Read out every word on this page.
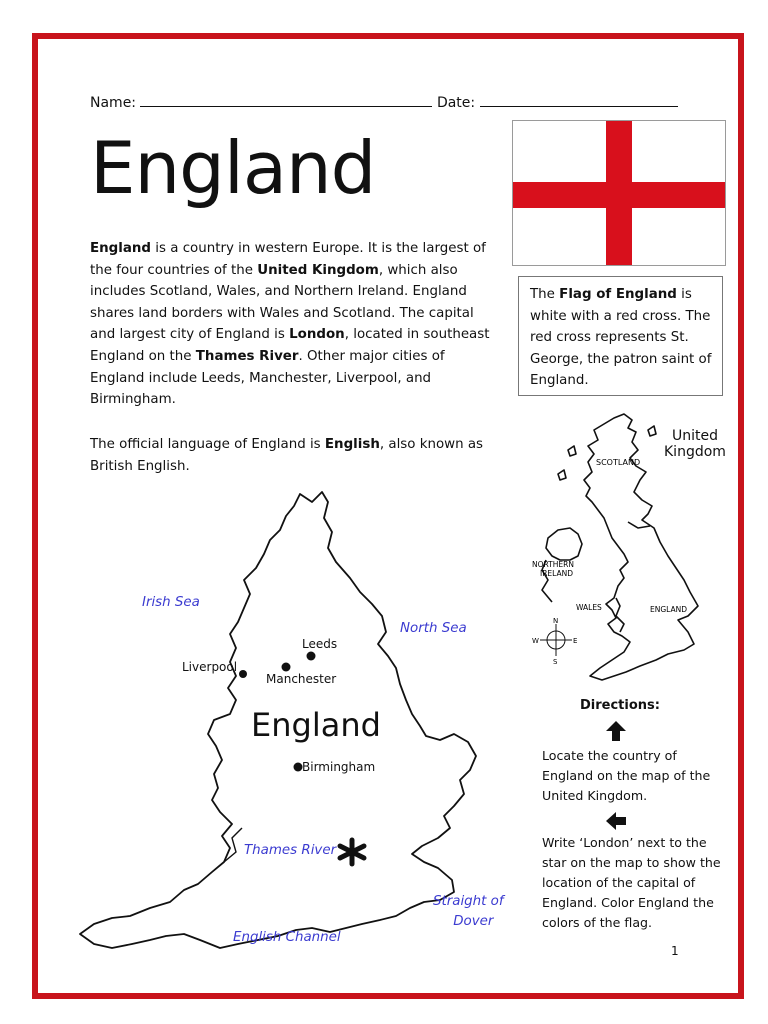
Name:	Date:
England
England is a country in western Europe. It is the largest of the four countries of the United Kingdom, which also includes Scotland, Wales, and Northern Ireland. England shares land borders with Wales and Scotland. The capital and largest city of England is London, located in southeast England on the Thames River. Other major cities of England include Leeds, Manchester, Liverpool, and Birmingham.
The official language of England is English, also known as British English.
The Flag of England is white with a red cross. The red cross represents St. George, the patron saint of England.
N
S
W	E
SCOTLAND
NORTHERN
IRELAND
WALES	ENGLAND
United
Kingdom
Directions:
Locate the country of England on the map of the United Kingdom.
Write ‘London’ next to the star on the map to show the location of the capital of England. Color England the colors of the flag.
Irish Sea
North Sea
Thames River
English Channel
Straight of
Dover
Leeds
Liverpool
Manchester
Birmingham
England
1
